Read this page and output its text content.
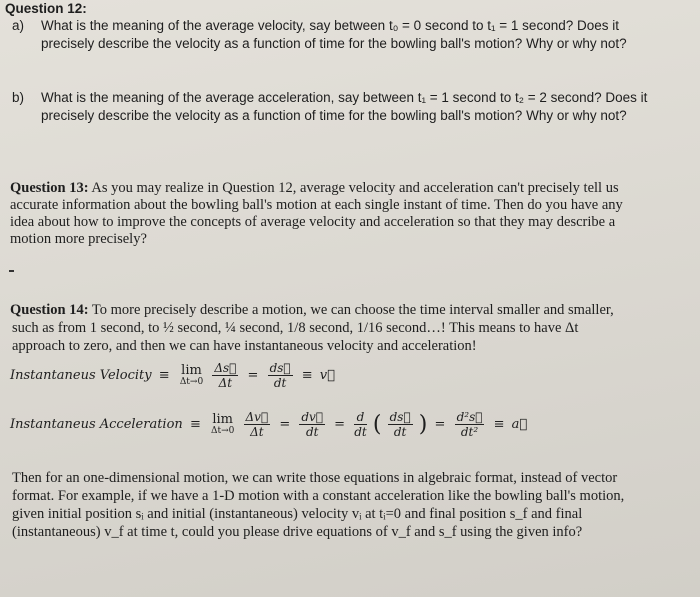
Question 12:
a) What is the meaning of the average velocity, say between t₀ = 0 second to t₁ = 1 second? Does it
precisely describe the velocity as a function of time for the bowling ball's motion? Why or why not?
b) What is the meaning of the average acceleration, say between t₁ = 1 second to t₂ = 2 second? Does it
precisely describe the velocity as a function of time for the bowling ball's motion? Why or why not?
Question 13: As you may realize in Question 12, average velocity and acceleration can't precisely tell us
accurate information about the bowling ball's motion at each single instant of time. Then do you have any
idea about how to improve the concepts of average velocity and acceleration so that they may describe a
motion more precisely?
Question 14: To more precisely describe a motion, we can choose the time interval smaller and smaller,
such as from 1 second, to ½ second, ¼ second, 1/8 second, 1/16 second…! This means to have Δt
approach to zero, and then we can have instantaneous velocity and acceleration!
Instantaneus Velocity ≡ lim
Δt→0
$\frac{\Delta s⃗}{\Delta t} = \frac{ds⃗}{dt}$ ≡ v⃗
Instantaneus Acceleration ≡ lim
Δt→0
$\frac{\Delta v⃗}{\Delta t} = \frac{dv⃗}{dt} = \frac{d}{dt}$ ( $\frac{ds⃗}{dt}$ ) = $\frac{\text{d²s⃗}}{\text{dt²}}$ ≡ a⃗
Then for an one-dimensional motion, we can write those equations in algebraic format, instead of vector
format. For example, if we have a 1-D motion with a constant acceleration like the bowling ball's motion,
given initial position sᵢ and initial (instantaneous) velocity vᵢ at tᵢ=0 and final position s_f and final
(instantaneous) v_f at time t, could you please drive equations of v_f and s_f using the given info?
